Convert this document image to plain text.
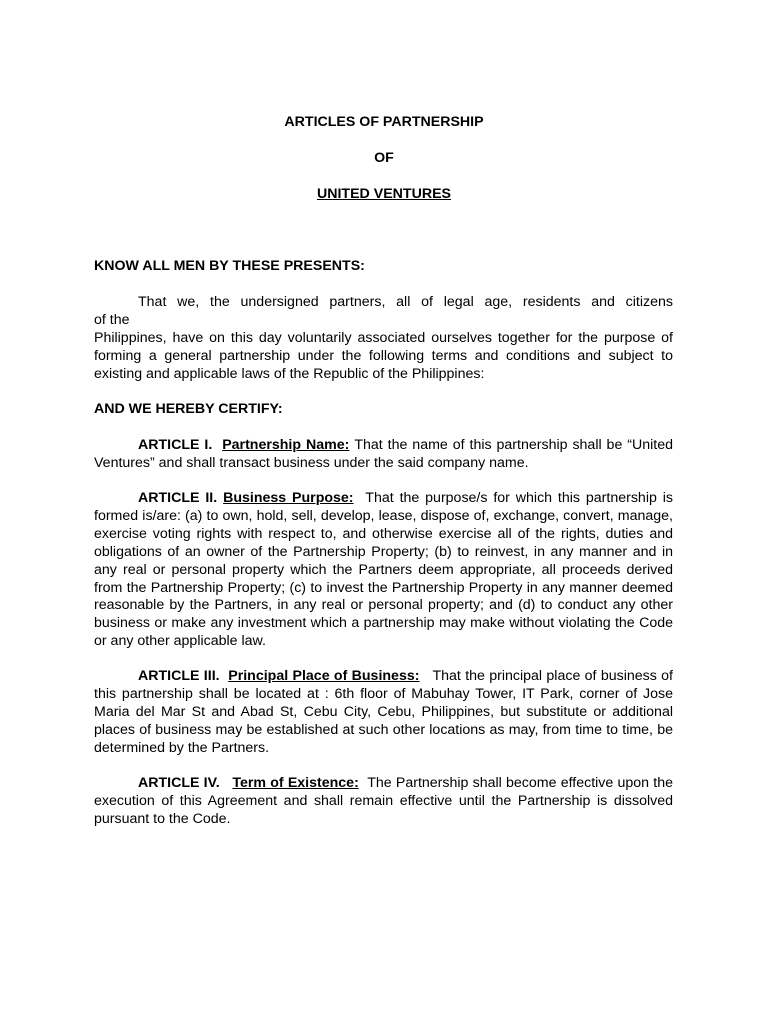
ARTICLES OF PARTNERSHIP
OF
UNITED VENTURES
KNOW ALL MEN BY THESE PRESENTS:
That we, the undersigned partners, all of legal age, residents and citizens
of the
Philippines, have on this day voluntarily associated ourselves together for the purpose of forming a general partnership under the following terms and conditions and subject to existing and applicable laws of the Republic of the Philippines:
AND WE HEREBY CERTIFY:
ARTICLE I. Partnership Name: That the name of this partnership shall be “United Ventures” and shall transact business under the said company name.
ARTICLE II. Business Purpose: That the purpose/s for which this partnership is formed is/are: (a) to own, hold, sell, develop, lease, dispose of, exchange, convert, manage, exercise voting rights with respect to, and otherwise exercise all of the rights, duties and obligations of an owner of the Partnership Property; (b) to reinvest, in any manner and in any real or personal property which the Partners deem appropriate, all proceeds derived from the Partnership Property; (c) to invest the Partnership Property in any manner deemed reasonable by the Partners, in any real or personal property; and (d) to conduct any other business or make any investment which a partnership may make without violating the Code or any other applicable law.
ARTICLE III. Principal Place of Business: That the principal place of business of this partnership shall be located at : 6th floor of Mabuhay Tower, IT Park, corner of Jose Maria del Mar St and Abad St, Cebu City, Cebu, Philippines, but substitute or additional places of business may be established at such other locations as may, from time to time, be determined by the Partners.
ARTICLE IV. Term of Existence: The Partnership shall become effective upon the execution of this Agreement and shall remain effective until the Partnership is dissolved pursuant to the Code.
